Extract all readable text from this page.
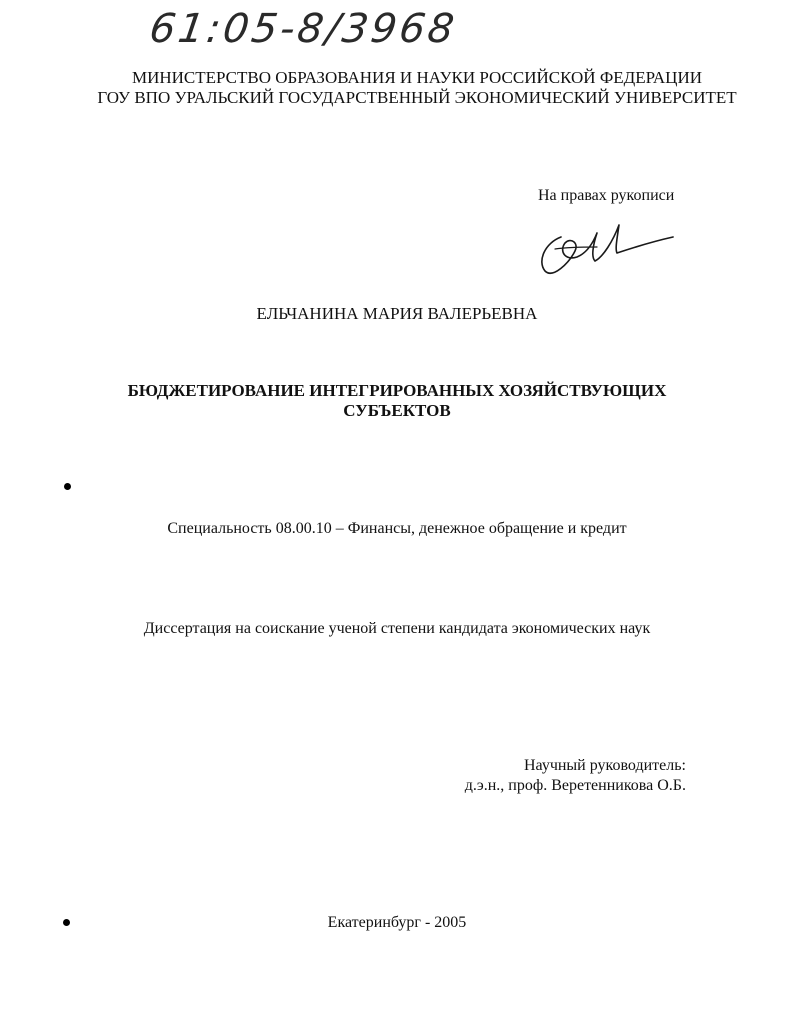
61:05-8/3968
МИНИСТЕРСТВО ОБРАЗОВАНИЯ И НАУКИ РОССИЙСКОЙ ФЕДЕРАЦИИ
ГОУ ВПО УРАЛЬСКИЙ ГОСУДАРСТВЕННЫЙ ЭКОНОМИЧЕСКИЙ УНИВЕРСИТЕТ
На правах рукописи
ЕЛЬЧАНИНА МАРИЯ ВАЛЕРЬЕВНА
БЮДЖЕТИРОВАНИЕ ИНТЕГРИРОВАННЫХ ХОЗЯЙСТВУЮЩИХ
СУБЪЕКТОВ
Специальность 08.00.10 – Финансы, денежное обращение и кредит
Диссертация на соискание ученой степени кандидата экономических наук
Научный руководитель:
д.э.н., проф. Веретенникова О.Б.
Екатеринбург - 2005
